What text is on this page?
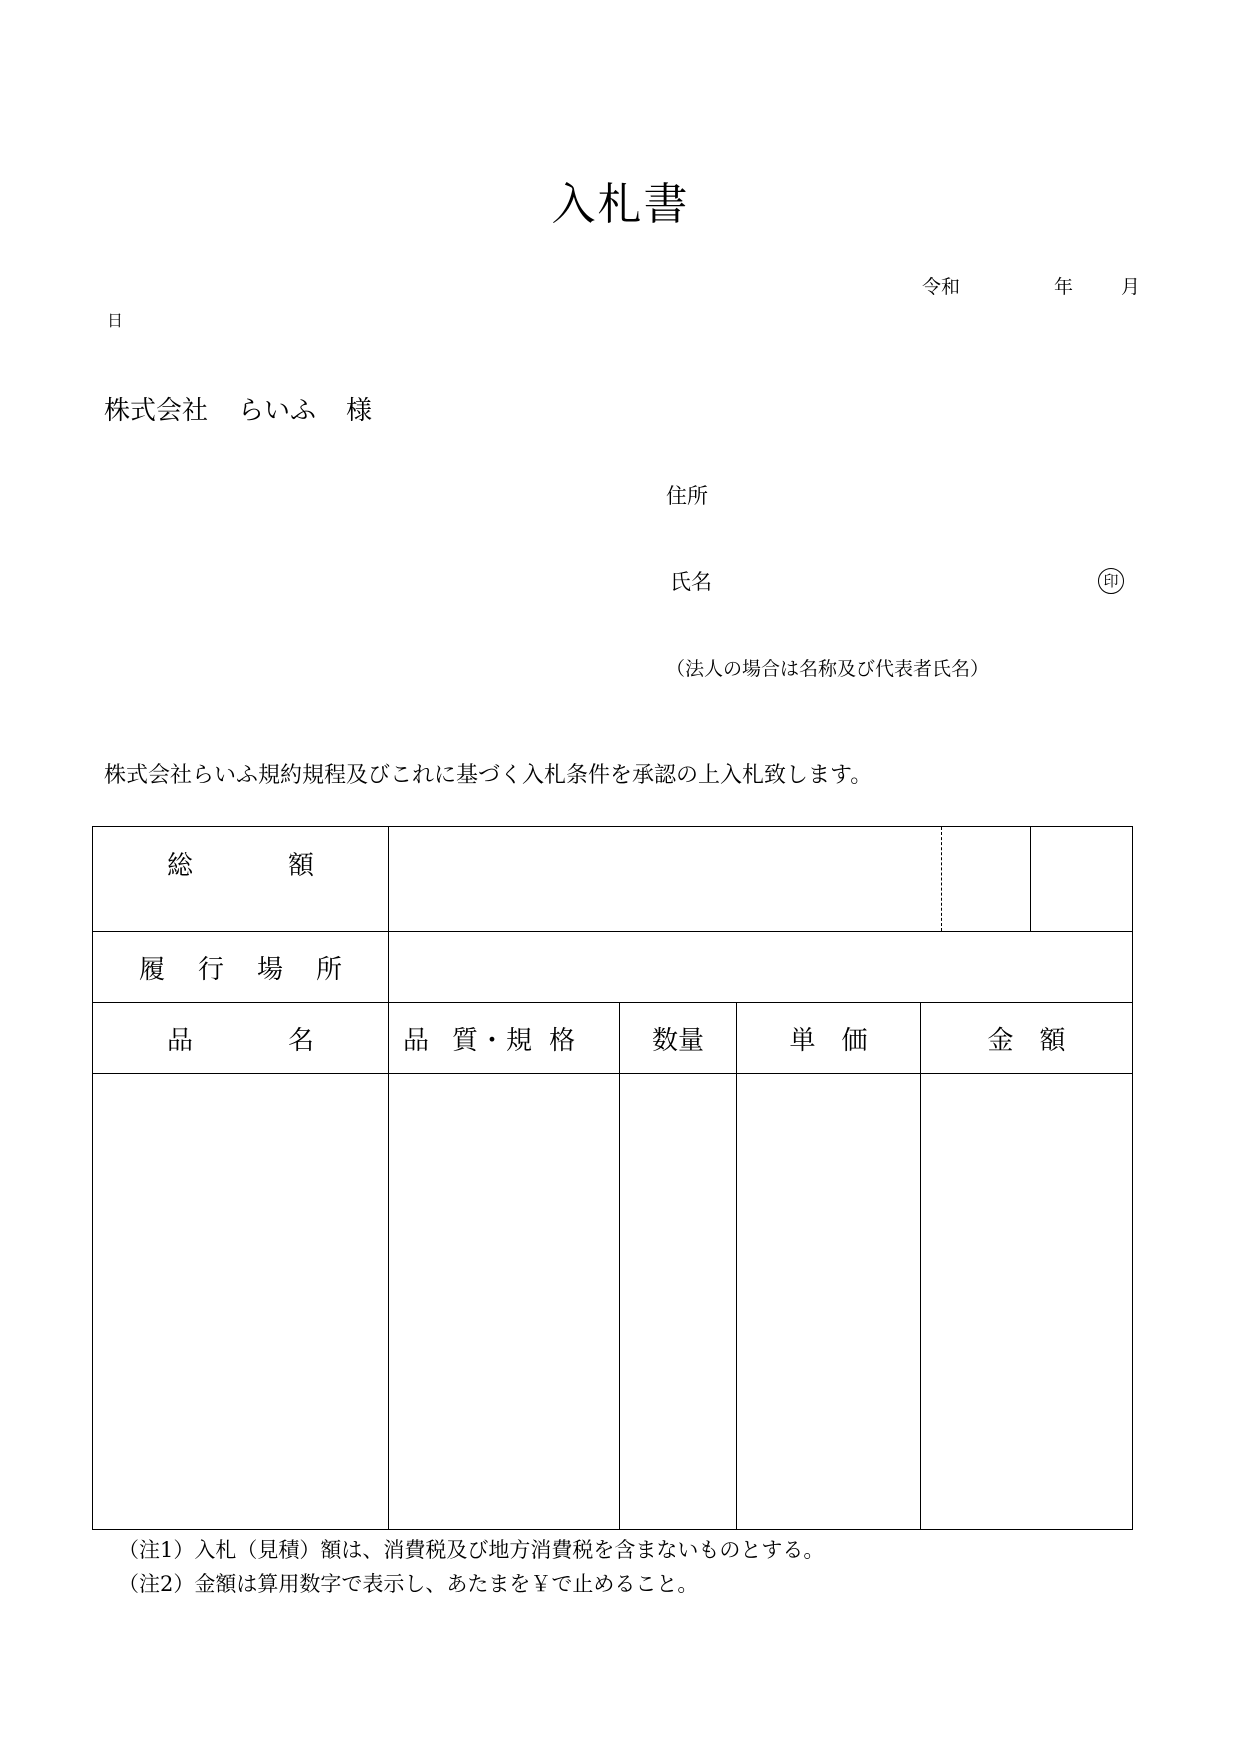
入札書
令和	年	月
日
株式会社 らいふ 様
住所
氏名	印
（法人の場合は名称及び代表者氏名）
株式会社らいふ規約規程及びこれに基づく入札条件を承認の上入札致します。
総 額				

履 行 場 所				

品 名	品 質・規 格	数量	単 価	金 額

（注1）入札（見積）額は、消費税及び地方消費税を含まないものとする。
（注2）金額は算用数字で表示し、あたまを￥で止めること。
